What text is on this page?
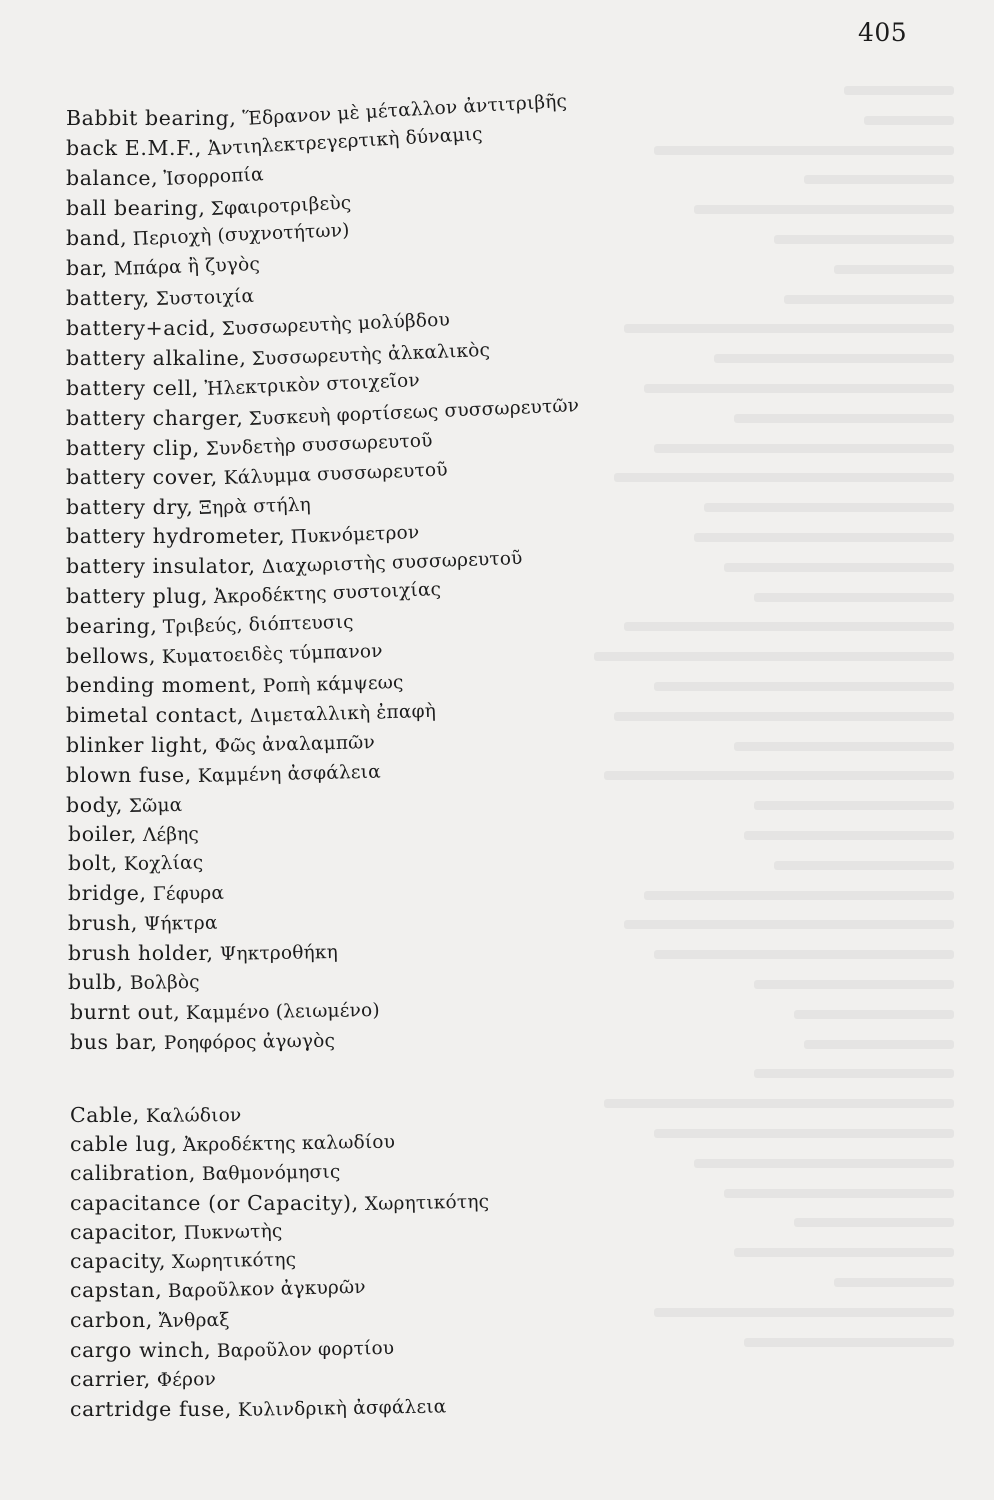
405
Babbit bearing,Ἕδρανον μὲ μέταλλον ἀντιτριβῆς
back E.M.F.,Ἀντιηλεκτρεγερτικὴ δύναμις
balance,Ἰσορροπία
ball bearing,Σφαιροτριβεὺς
band,Περιοχὴ (συχνοτήτων)
bar,Μπάρα ἢ ζυγὸς
battery,Συστοιχία
battery+acid,Συσσωρευτὴς μολύβδου
battery alkaline,Συσσωρευτὴς ἀλκαλικὸς
battery cell,Ἠλεκτρικὸν στοιχεῖον
battery charger,Συσκευὴ φορτίσεως συσσωρευτῶν
battery clip,Συνδετὴρ συσσωρευτοῦ
battery cover,Κάλυμμα συσσωρευτοῦ
battery dry,Ξηρὰ στήλη
battery hydrometer,Πυκνόμετρον
battery insulator,Διαχωριστὴς συσσωρευτοῦ
battery plug,Ἀκροδέκτης συστοιχίας
bearing,Τριβεύς, διόπτευσις
bellows,Κυματοειδὲς τύμπανον
bending moment,Ροπὴ κάμψεως
bimetal contact,Διμεταλλικὴ ἐπαφὴ
blinker light,Φῶς ἀναλαμπῶν
blown fuse,Καμμένη ἀσφάλεια
body,Σῶμα
boiler,Λέβης
bolt,Κοχλίας
bridge,Γέφυρα
brush,Ψήκτρα
brush holder,Ψηκτροθήκη
bulb,Βολβὸς
burnt out,Καμμένο (λειωμένο)
bus bar,Ροηφόρος ἀγωγὸς
Cable,Καλώδιον
cable lug,Ἀκροδέκτης καλωδίου
calibration,Βαθμονόμησις
capacitance (or Capacity),Χωρητικότης
capacitor,Πυκνωτὴς
capacity,Χωρητικότης
capstan,Βαροῦλκον ἀγκυρῶν
carbon,Ἄνθραξ
cargo winch,Βαροῦλον φορτίου
carrier,Φέρον
cartridge fuse,Κυλινδρικὴ ἀσφάλεια
